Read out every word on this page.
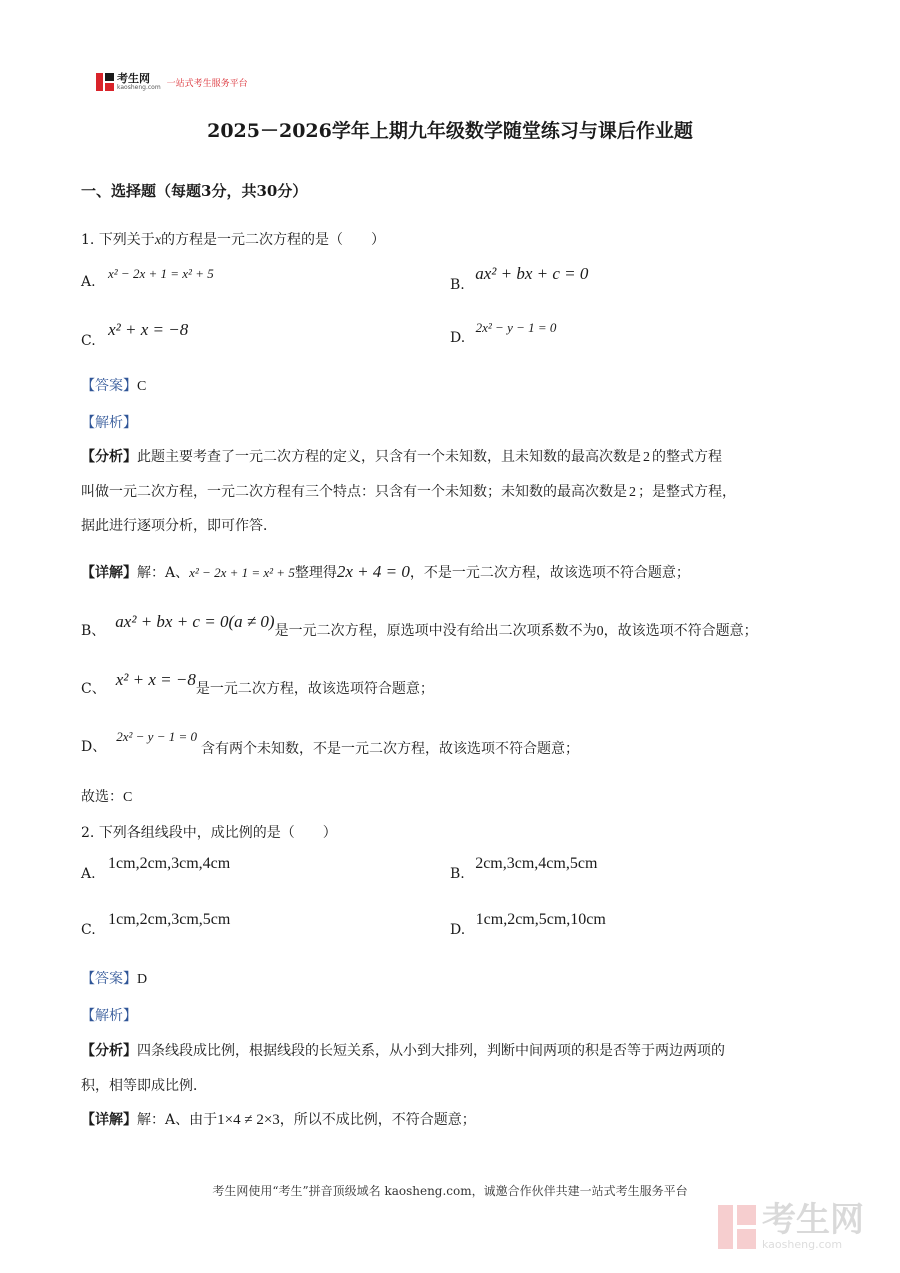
考生网
kaosheng.com 一站式考生服务平台
2025－2026学年上期九年级数学随堂练习与课后作业题
一、选择题（每题3分，共30分）
1. 下列关于x的方程是一元二次方程的是（　　）
A. x² − 2x + 1 = x² + 5
B. ax² + bx + c = 0
C. x² + x = −8	D. 2x² − y − 1 = 0
【答案】C
【解析】
【分析】此题主要考查了一元二次方程的定义，只含有一个未知数，且未知数的最高次数是 2 的整式方程
叫做一元二次方程，一元二次方程有三个特点：只含有一个未知数；未知数的最高次数是 2 ；是整式方程，
据此进行逐项分析，即可作答．
【详解】解：A、x² − 2x + 1 = x² + 5整理得2x + 4 = 0，不是一元二次方程，故该选项不符合题意；
B、 ax² + bx + c = 0(a ≠ 0)是一元二次方程，原选项中没有给出二次项系数不为0，故该选项不符合题意；
C、 x² + x = −8是一元二次方程，故该选项符合题意；
D、2x² − y − 1 = 0含有两个未知数，不是一元二次方程，故该选项不符合题意；
故选：C
2. 下列各组线段中，成比例的是（　　）
A. 1cm,2cm,3cm,4cm
B. 2cm,3cm,4cm,5cm
C. 1cm,2cm,3cm,5cm
D. 1cm,2cm,5cm,10cm
【答案】D
【解析】
【分析】四条线段成比例，根据线段的长短关系，从小到大排列，判断中间两项的积是否等于两边两项的
积，相等即成比例．
【详解】解：A、由于1×4 ≠ 2×3，所以不成比例，不符合题意；
考生网使用“考生”拼音顶级域名 kaosheng.com，诚邀合作伙伴共建一站式考生服务平台
考生网
kaosheng.com
